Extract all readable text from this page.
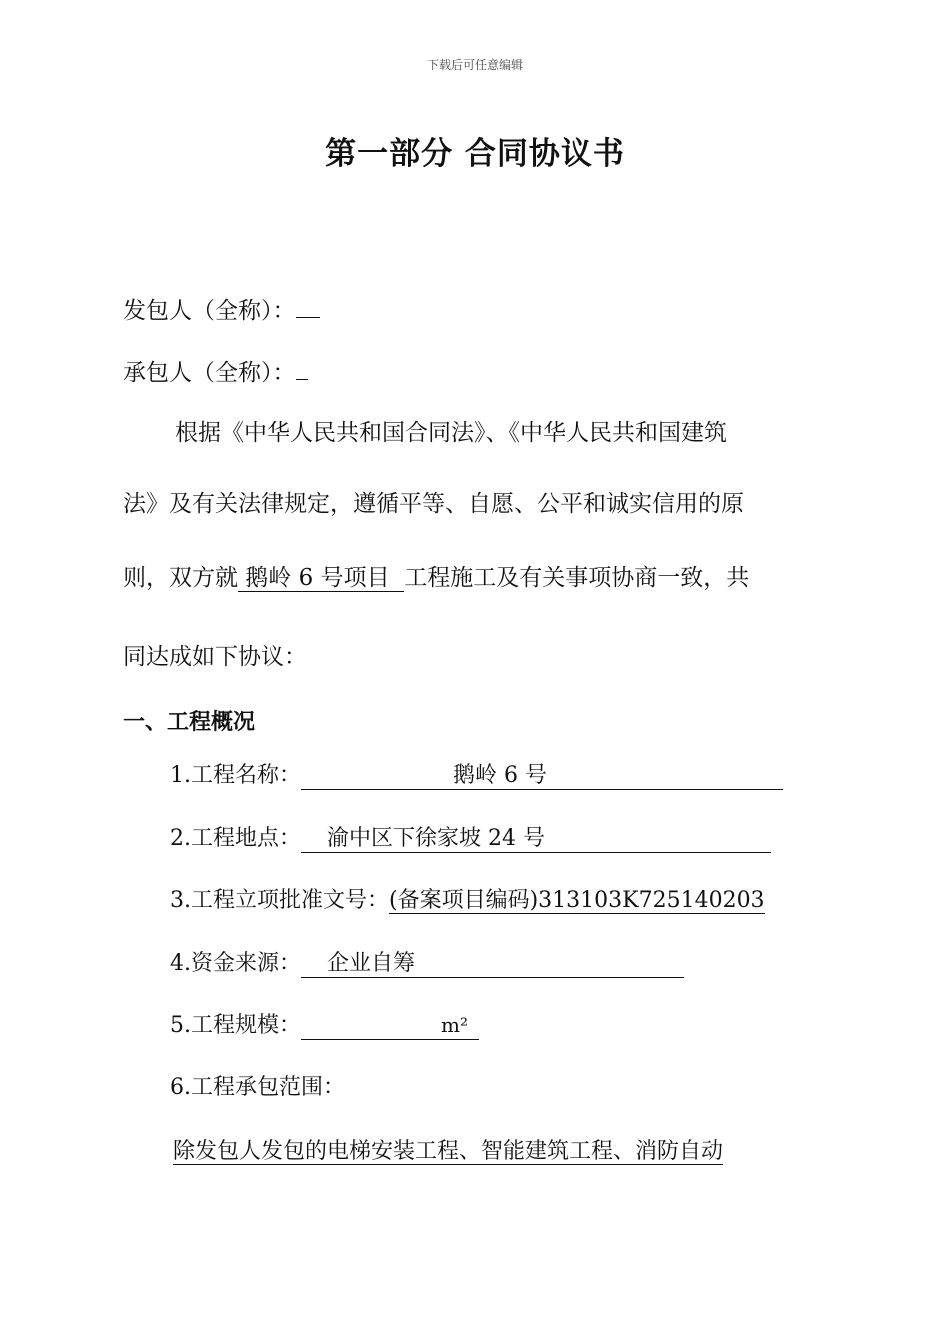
下载后可任意编辑
第一部分 合同协议书
发包人（全称）：
承包人（全称）：
根据《中华人民共和国合同法》、《中华人民共和国建筑
法》及有关法律规定，遵循平等、自愿、公平和诚实信用的原
则，双方就 鹅岭 6 号项目  工程施工及有关事项协商一致，共
同达成如下协议：
一、工程概况
1.工程名称：	鹅岭 6 号
2.工程地点： 渝中区下徐家坡 24 号
3.工程立项批准文号：(备案项目编码)313103K725140203
4.资金来源： 企业自筹
5.工程规模：	m²
6.工程承包范围：
除发包人发包的电梯安装工程、智能建筑工程、消防自动
